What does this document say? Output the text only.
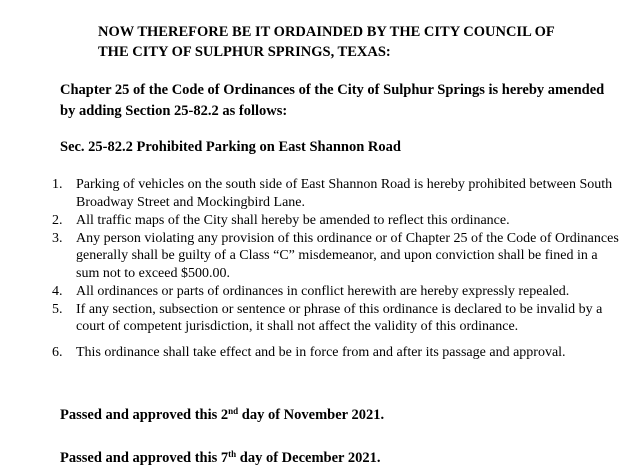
NOW THEREFORE BE IT ORDAINDED BY THE CITY COUNCIL OF
THE CITY OF SULPHUR SPRINGS, TEXAS:

Chapter 25 of the Code of Ordinances of the City of Sulphur Springs is hereby amended by adding Section 25-82.2 as follows:

Sec. 25-82.2 Prohibited Parking on East Shannon Road

1. Parking of vehicles on the south side of East Shannon Road is hereby prohibited between South Broadway Street and Mockingbird Lane.
2. All traffic maps of the City shall hereby be amended to reflect this ordinance.
3. Any person violating any provision of this ordinance or of Chapter 25 of the Code of Ordinances generally shall be guilty of a Class “C” misdemeanor, and upon conviction shall be fined in a sum not to exceed $500.00.
4. All ordinances or parts of ordinances in conflict herewith are hereby expressly repealed.
5. If any section, subsection or sentence or phrase of this ordinance is declared to be invalid by a court of competent jurisdiction, it shall not affect the validity of this ordinance.
6. This ordinance shall take effect and be in force from and after its passage and approval.

Passed and approved this 2nd day of November 2021.

Passed and approved this 7th day of December 2021.
